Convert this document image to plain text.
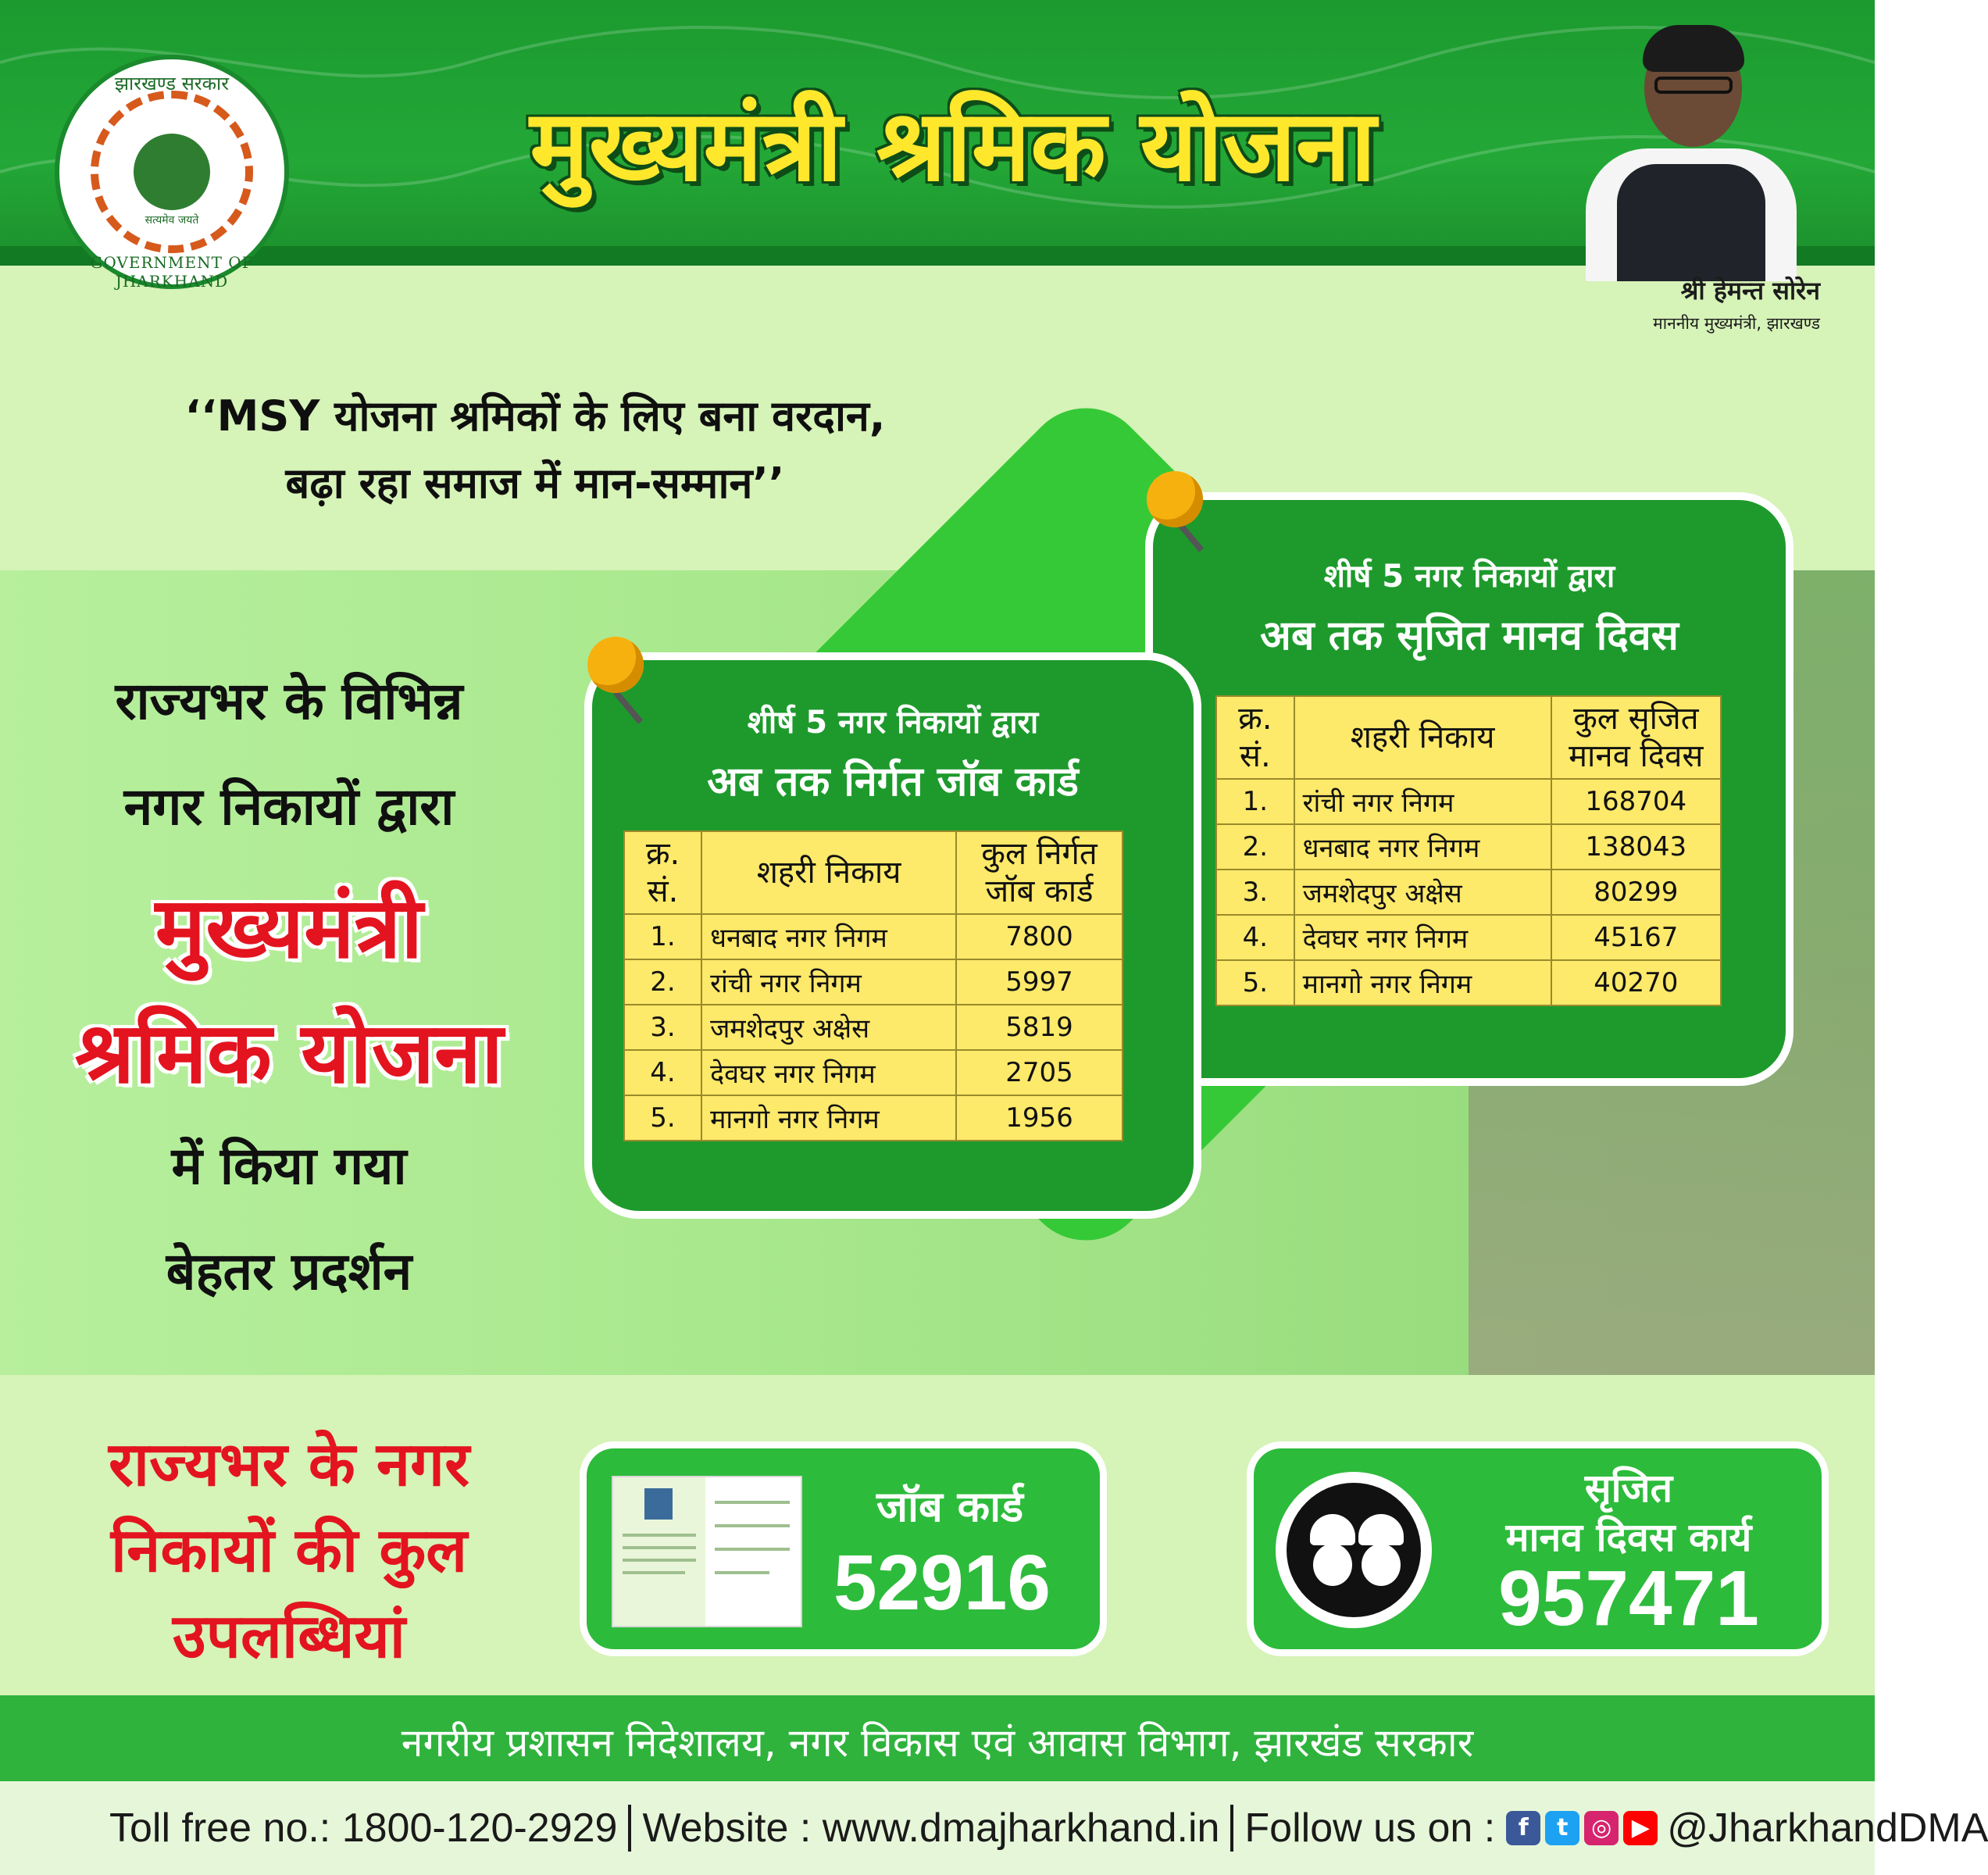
झारखण्ड सरकार
सत्यमेव जयते
GOVERNMENT OF JHARKHAND
मुख्यमंत्री श्रमिक योजना
श्री हेमन्त सोरेन
माननीय मुख्यमंत्री, झारखण्ड
‘‘MSY योजना श्रमिकों के लिए बना वरदान,
बढ़ा रहा समाज में मान-सम्मान’’
राज्यभर के विभिन्न
नगर निकायों द्वारा
मुख्यमंत्री
श्रमिक योजना
में किया गया
बेहतर प्रदर्शन
शीर्ष 5 नगर निकायों द्वारा
अब तक सृजित मानव दिवस
क्र.
सं.	शहरी निकाय	कुल सृजित
मानव दिवस
1.	रांची नगर निगम	168704
2.	धनबाद नगर निगम	138043
3.	जमशेदपुर अक्षेस	80299
4.	देवघर नगर निगम	45167
5.	मानगो नगर निगम	40270
शीर्ष 5 नगर निकायों द्वारा
अब तक निर्गत जॉब कार्ड
क्र.
सं.	शहरी निकाय	कुल निर्गत
जॉब कार्ड
1.	धनबाद नगर निगम	7800
2.	रांची नगर निगम	5997
3.	जमशेदपुर अक्षेस	5819
4.	देवघर नगर निगम	2705
5.	मानगो नगर निगम	1956
राज्यभर के नगर निकायों की कुल उपलब्धियां
जॉब कार्ड
52916
सृजित
मानव दिवस कार्य
957471
नगरीय प्रशासन निदेशालय, नगर विकास एवं आवास विभाग, झारखंड सरकार
Toll free no.: 1800-120-2929 Website : www.dmajharkhand.in Follow us on : f	t ◎ ▶ @JharkhandDMA
